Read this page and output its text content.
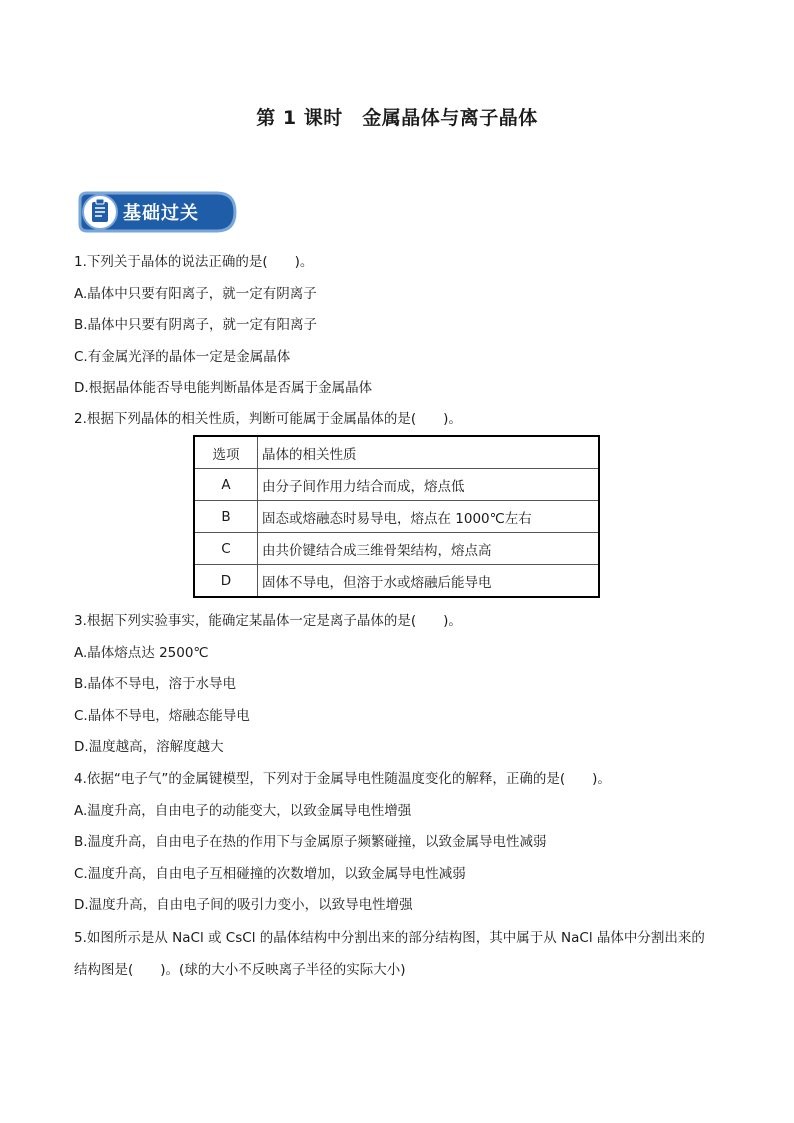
第 1 课时　金属晶体与离子晶体
基础过关
1.下列关于晶体的说法正确的是(　　)。
A.晶体中只要有阳离子，就一定有阴离子
B.晶体中只要有阴离子，就一定有阳离子
C.有金属光泽的晶体一定是金属晶体
D.根据晶体能否导电能判断晶体是否属于金属晶体
2.根据下列晶体的相关性质，判断可能属于金属晶体的是(　　)。
选项	晶体的相关性质
A	由分子间作用力结合而成，熔点低
B	固态或熔融态时易导电，熔点在 1000℃左右
C	由共价键结合成三维骨架结构，熔点高
D	固体不导电，但溶于水或熔融后能导电
3.根据下列实验事实，能确定某晶体一定是离子晶体的是(　　)。
A.晶体熔点达 2500℃
B.晶体不导电，溶于水导电
C.晶体不导电，熔融态能导电
D.温度越高，溶解度越大
4.依据“电子气”的金属键模型，下列对于金属导电性随温度变化的解释，正确的是(　　)。
A.温度升高，自由电子的动能变大，以致金属导电性增强
B.温度升高，自由电子在热的作用下与金属原子频繁碰撞，以致金属导电性减弱
C.温度升高，自由电子互相碰撞的次数增加，以致金属导电性减弱
D.温度升高，自由电子间的吸引力变小，以致导电性增强
5.如图所示是从 NaCl 或 CsCl 的晶体结构中分割出来的部分结构图，其中属于从 NaCl 晶体中分割出来的
结构图是(　　)。(球的大小不反映离子半径的实际大小)
